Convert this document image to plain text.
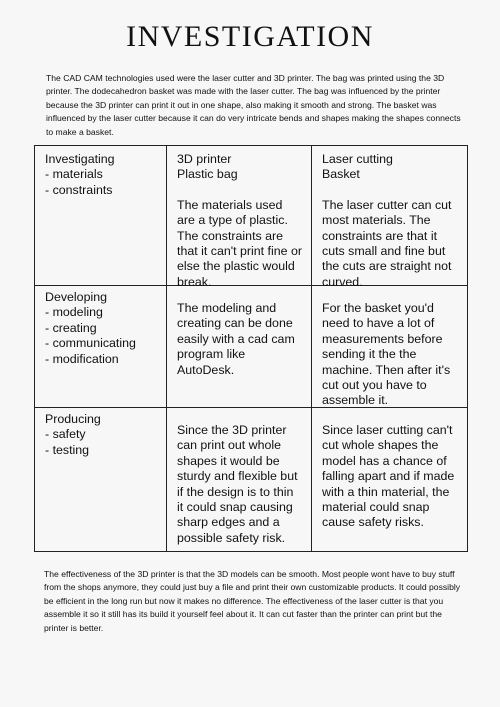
INVESTIGATION

The CAD CAM technologies used were the laser cutter and 3D printer. The bag was printed using the 3D printer. The dodecahedron basket was made with the laser cutter. The bag was influenced by the printer because the 3D printer can print it out in one shape, also making it smooth and strong. The basket was influenced by the laser cutter because it can do very intricate bends and shapes making the shapes connects to make a basket.

Investigating
- materials
- constraints
3D printer
Plastic bag
The materials used are a type of plastic. The constraints are that it can't print fine or else the plastic would break.
Laser cutting
Basket
The laser cutter can cut most materials. The constraints are that it cuts small and fine but the cuts are straight not curved.
Developing
- modeling
- creating
- communicating
- modification
The modeling and creating can be done easily with a cad cam program like AutoDesk.
For the basket you'd need to have a lot of measurements before sending it the the machine. Then after it's cut out you have to assemble it.
Producing
- safety
- testing
Since the 3D printer can print out whole shapes it would be sturdy and flexible but if the design is to thin it could snap causing sharp edges and a possible safety risk.
Since laser cutting can't cut whole shapes the model has a chance of falling apart and if made with a thin material, the material could snap cause safety risks.

The effectiveness of the 3D printer is that the 3D models can be smooth. Most people wont have to buy stuff from the shops anymore, they could just buy a file and print their own customizable products. It could possibly be efficient in the long run but now it makes no difference. The effectiveness of the laser cutter is that you assemble it so it still has its build it yourself feel about it. It can cut faster than the printer can print but the printer is better.
